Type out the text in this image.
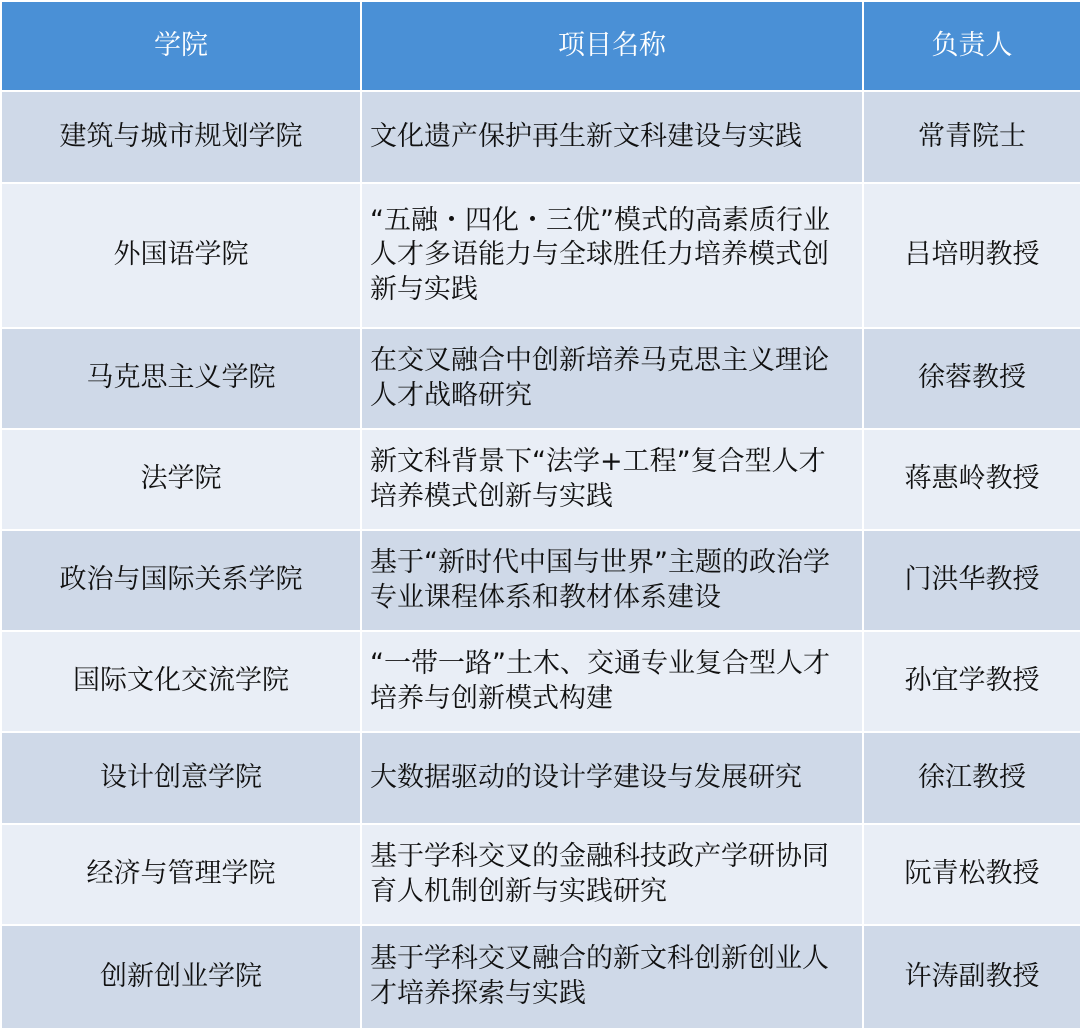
学院	项目名称	负责人
建筑与城市规划学院	文化遗产保护再生新文科建设与实践	常青院士
外国语学院	“五融・四化・三优”模式的高素质行业人才多语能力与全球胜任力培养模式创新与实践	吕培明教授
马克思主义学院	在交叉融合中创新培养马克思主义理论人才战略研究	徐蓉教授
法学院	新文科背景下“法学+工程”复合型人才培养模式创新与实践	蒋惠岭教授
政治与国际关系学院	基于“新时代中国与世界”主题的政治学专业课程体系和教材体系建设	门洪华教授
国际文化交流学院	“一带一路”土木、交通专业复合型人才培养与创新模式构建	孙宜学教授
设计创意学院	大数据驱动的设计学建设与发展研究	徐江教授
经济与管理学院	基于学科交叉的金融科技政产学研协同育人机制创新与实践研究	阮青松教授
创新创业学院	基于学科交叉融合的新文科创新创业人才培养探索与实践	许涛副教授
